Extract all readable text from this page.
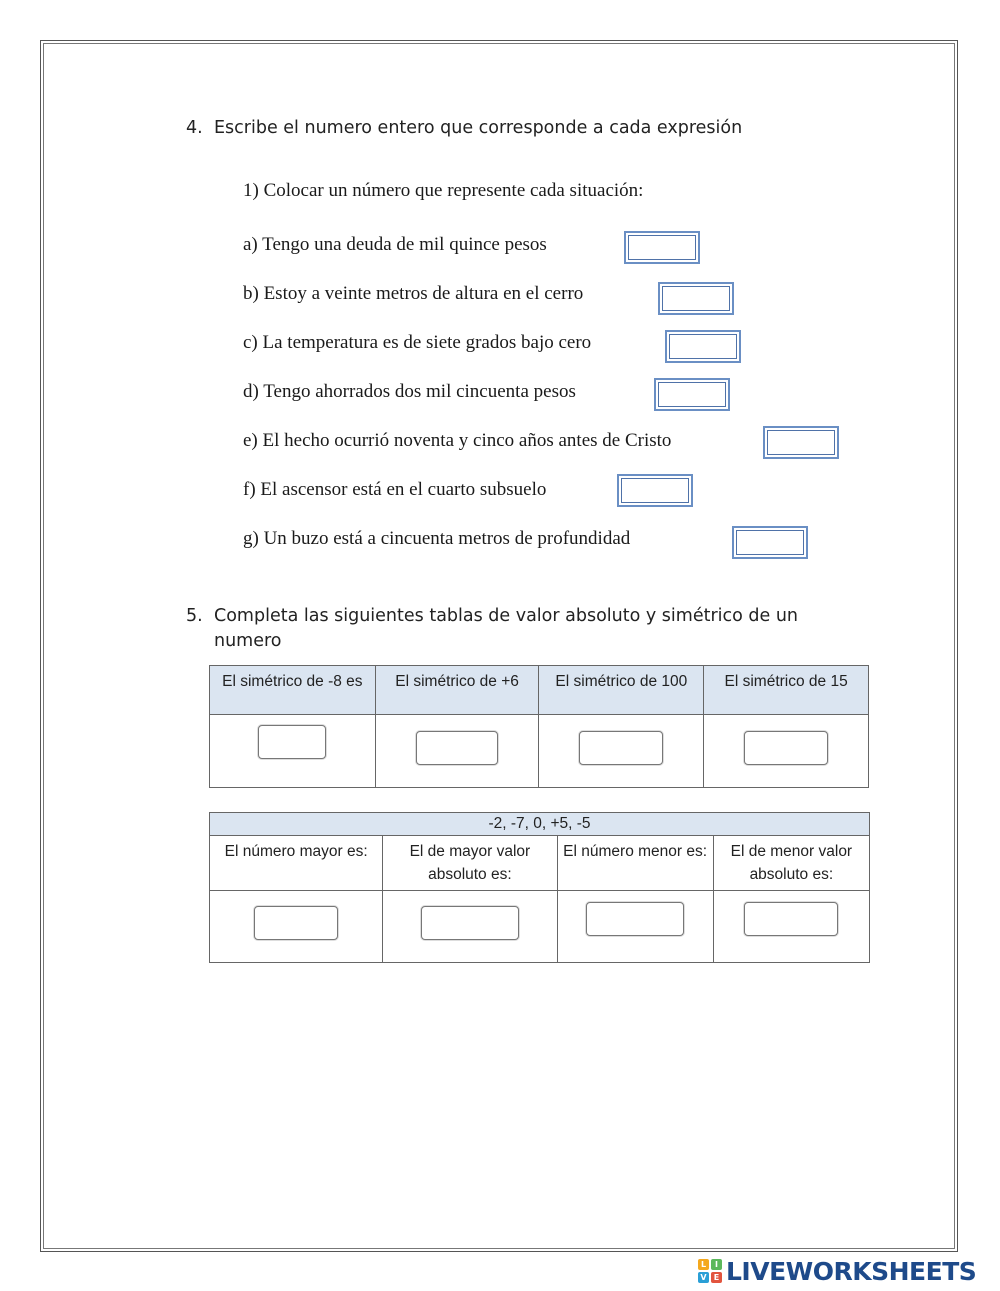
4. Escribe el numero entero que corresponde a cada expresión
1) Colocar un número que represente cada situación:
a) Tengo una deuda de mil quince pesos
b) Estoy a veinte metros de altura en el cerro
c) La temperatura es de siete grados bajo cero
d) Tengo ahorrados dos mil cincuenta pesos
e) El hecho ocurrió noventa y cinco años antes de Cristo
f) El ascensor está en el cuarto subsuelo
g) Un buzo está a cincuenta metros de profundidad
5. Completa las siguientes tablas de valor absoluto y simétrico de un numero
El simétrico de -8 es	El simétrico de +6	El simétrico de 100	El simétrico de 15

-2, -7, 0, +5, -5			
El número mayor es:	El de mayor valor absoluto es:	El número menor es:	El de menor valor absoluto es:

L	I
V E LIVEWORKSHEETS
